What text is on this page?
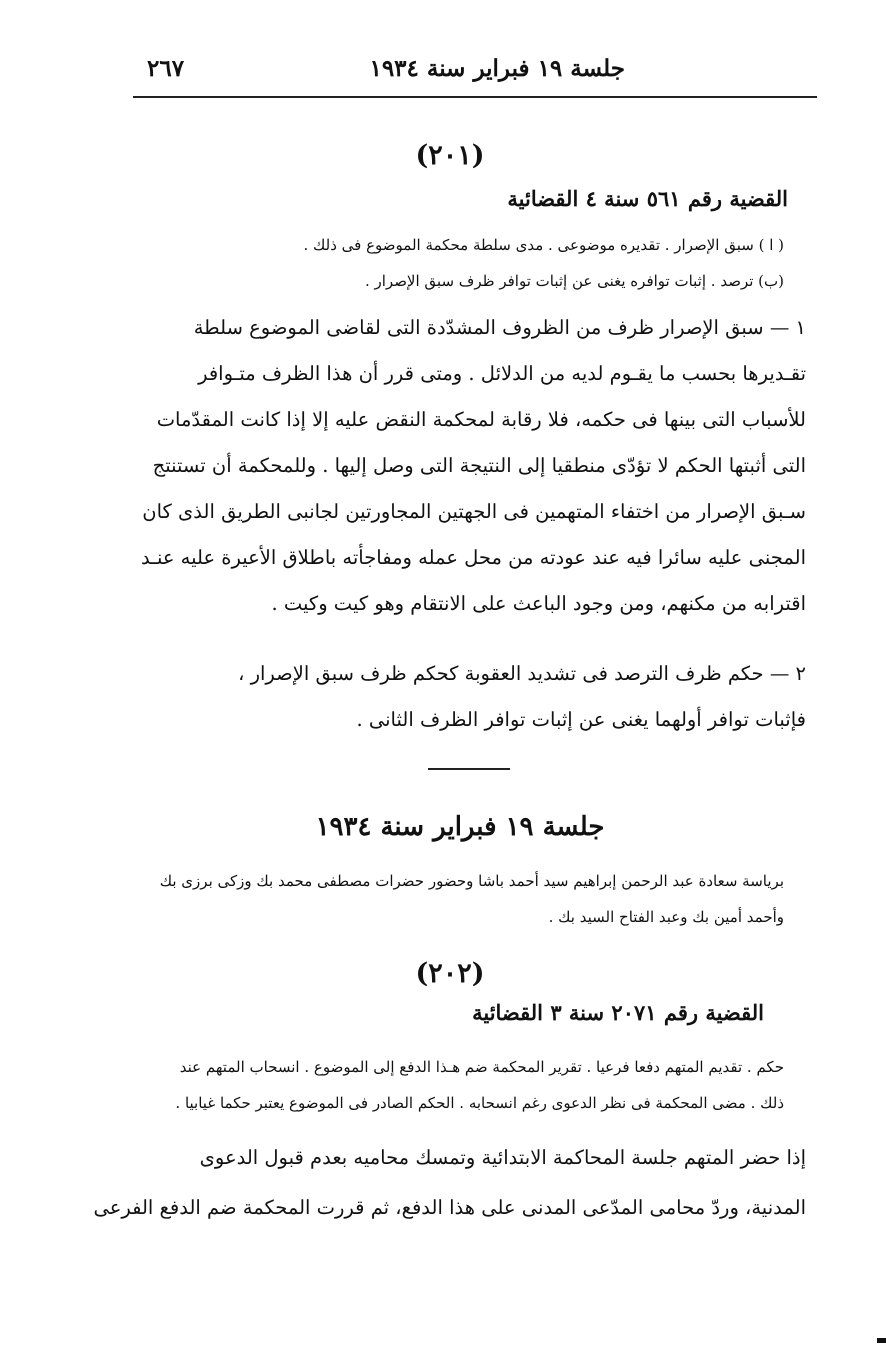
جلسة ١٩ فبراير سنة ١٩٣٤
٢٦٧
(٢٠١)
القضية رقم ٥٦١ سنة ٤ القضائية
( ا ) سبق الإصرار . تقديره موضوعى . مدى سلطة محكمة الموضوع فى ذلك .
(ب) ترصد . إثبات توافره يغنى عن إثبات توافر ظرف سبق الإصرار .
١ — سبق الإصرار ظرف من الظروف المشدّدة التى لقاضى الموضوع سلطة
تقـديرها بحسب ما يقـوم لديه من الدلائل . ومتى قرر أن هذا الظرف متـوافر
للأسباب التى بينها فى حكمه، فلا رقابة لمحكمة النقض عليه إلا إذا كانت المقدّمات
التى أثبتها الحكم لا تؤدّى منطقيا إلى النتيجة التى وصل إليها . وللمحكمة أن تستنتج
سـبق الإصرار من اختفاء المتهمين فى الجهتين المجاورتين لجانبى الطريق الذى كان
المجنى عليه سائرا فيه عند عودته من محل عمله ومفاجأته باطلاق الأعيرة عليه عنـد
اقترابه من مكنهم، ومن وجود الباعث على الانتقام وهو كيت وكيت .
٢ — حكم ظرف الترصد فى تشديد العقوبة كحكم ظرف سبق الإصرار ،
فإثبات توافر أولهما يغنى عن إثبات توافر الظرف الثانى .
جلسة ١٩ فبراير سنة ١٩٣٤
برياسة سعادة عبد الرحمن إبراهيم سيد أحمد باشا وحضور حضرات مصطفى محمد بك وزكى برزى بك
وأحمد أمين بك وعبد الفتاح السيد بك .
(٢٠٢)
القضية رقم ٢٠٧١ سنة ٣ القضائية
حكم . تقديم المتهم دفعا فرعيا . تقرير المحكمة ضم هـذا الدفع إلى الموضوع . انسحاب المتهم عند
ذلك . مضى المحكمة فى نظر الدعوى رغم انسحابه . الحكم الصادر فى الموضوع يعتبر حكما غيابيا .
إذا حضر المتهم جلسة المحاكمة الابتدائية وتمسك محاميه بعدم قبول الدعوى
المدنية، وردّ محامى المدّعى المدنى على هذا الدفع، ثم قررت المحكمة ضم الدفع الفرعى
